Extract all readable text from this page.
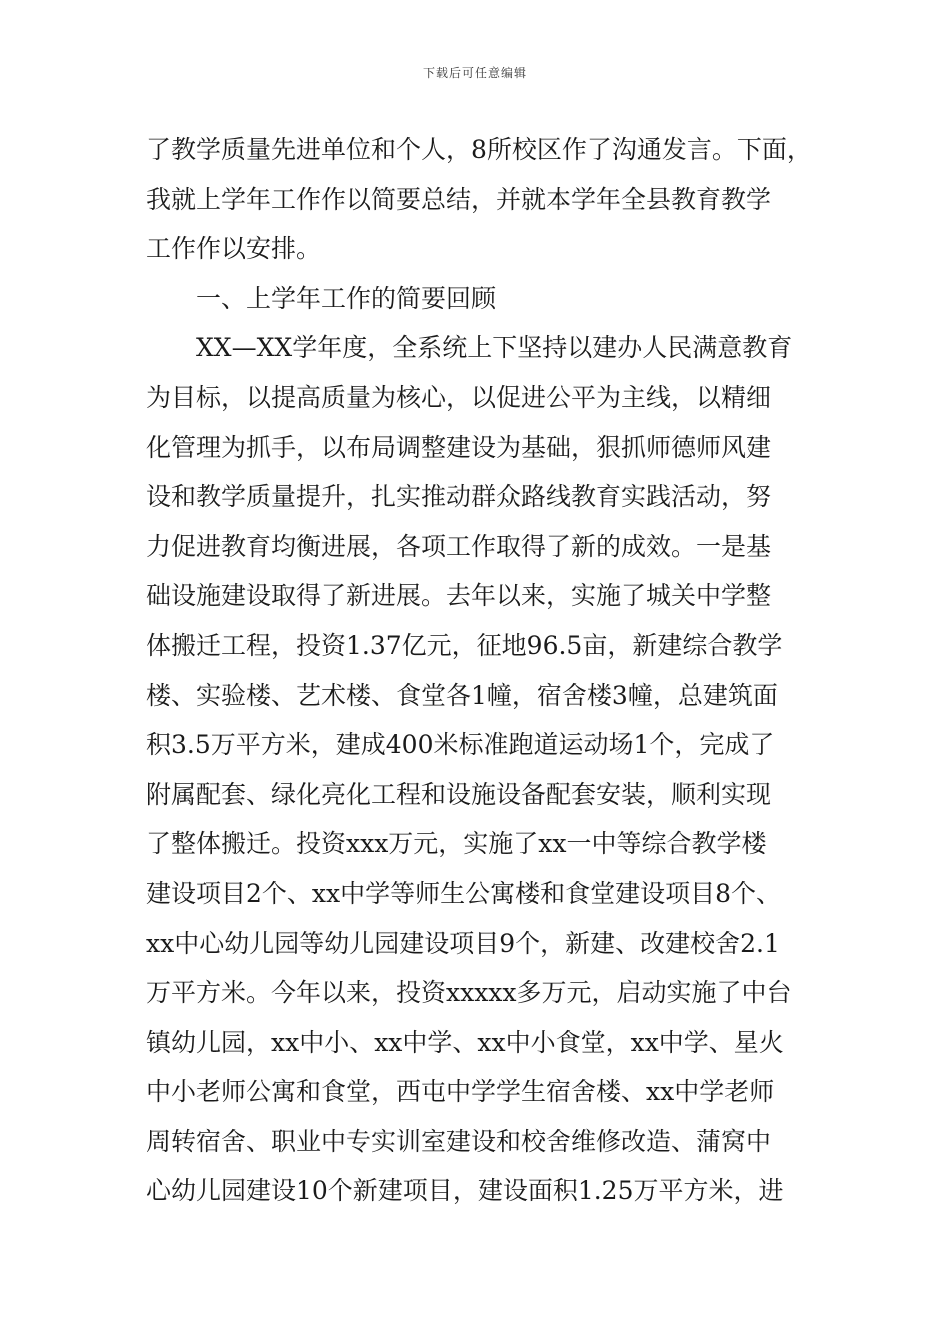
下载后可任意编辑
了教学质量先进单位和个人，8所校区作了沟通发言。下面，
我就上学年工作作以简要总结，并就本学年全县教育教学
工作作以安排。
一、上学年工作的简要回顾
XX—XX学年度，全系统上下坚持以建办人民满意教育
为目标，以提高质量为核心，以促进公平为主线，以精细
化管理为抓手，以布局调整建设为基础，狠抓师德师风建
设和教学质量提升，扎实推动群众路线教育实践活动，努
力促进教育均衡进展，各项工作取得了新的成效。一是基
础设施建设取得了新进展。去年以来，实施了城关中学整
体搬迁工程，投资1.37亿元，征地96.5亩，新建综合教学
楼、实验楼、艺术楼、食堂各1幢，宿舍楼3幢，总建筑面
积3.5万平方米，建成400米标准跑道运动场1个，完成了
附属配套、绿化亮化工程和设施设备配套安装，顺利实现
了整体搬迁。投资xxx万元，实施了xx一中等综合教学楼
建设项目2个、xx中学等师生公寓楼和食堂建设项目8个、
xx中心幼儿园等幼儿园建设项目9个，新建、改建校舍2.1
万平方米。今年以来，投资xxxxx多万元，启动实施了中台
镇幼儿园，xx中小、xx中学、xx中小食堂，xx中学、星火
中小老师公寓和食堂，西屯中学学生宿舍楼、xx中学老师
周转宿舍、职业中专实训室建设和校舍维修改造、蒲窝中
心幼儿园建设10个新建项目，建设面积1.25万平方米，进
